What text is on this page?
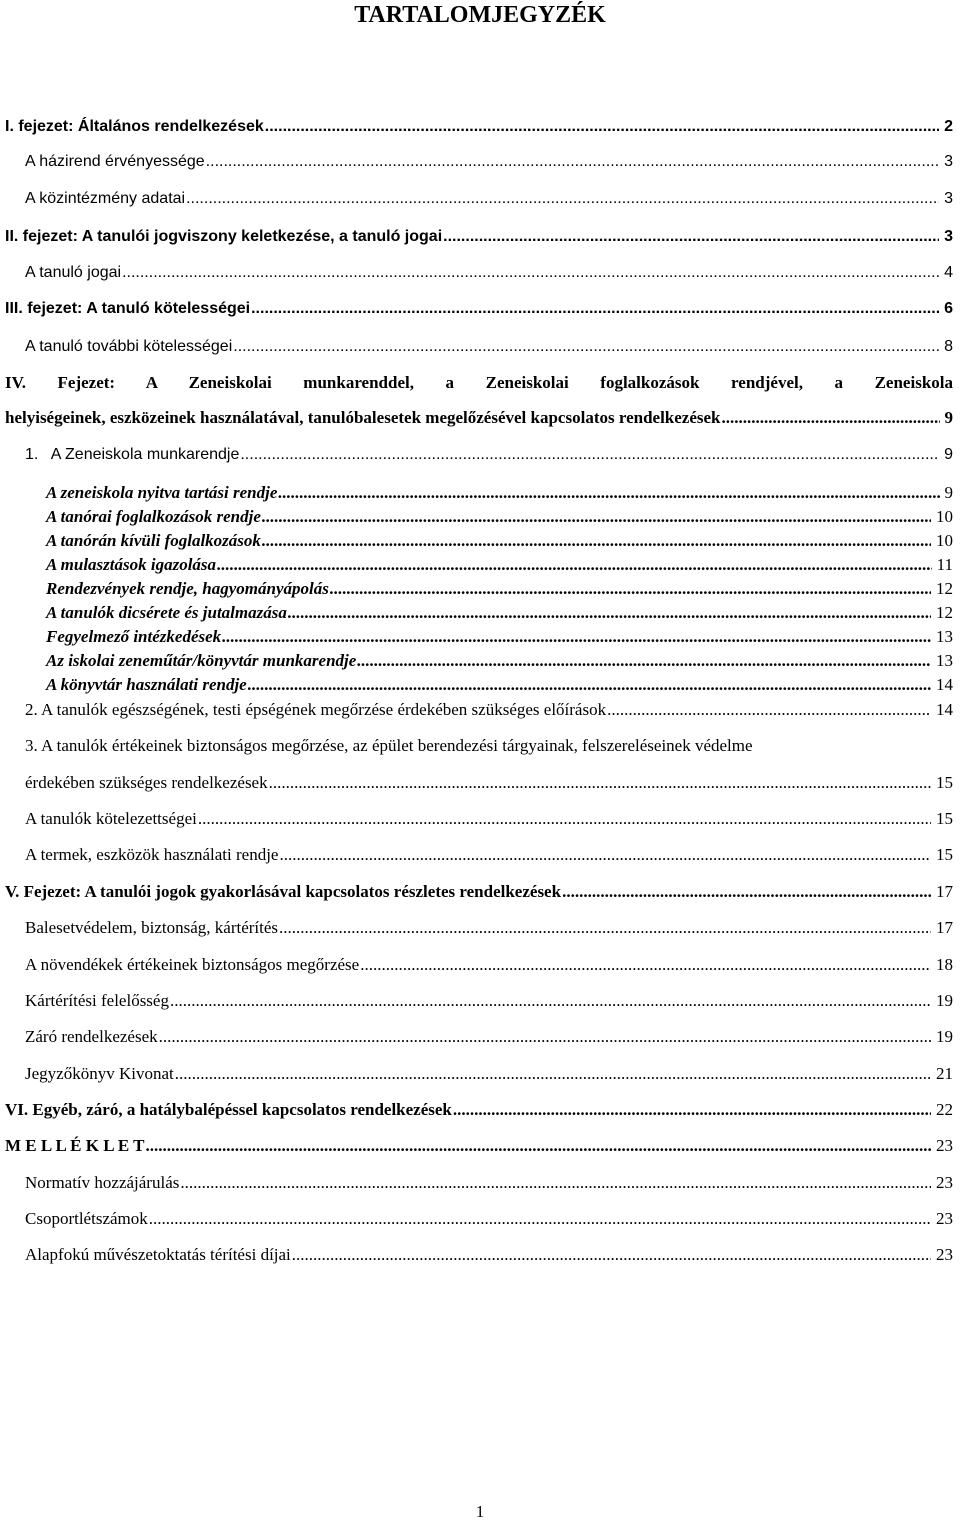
TARTALOMJEGYZÉK
I. fejezet: Általános rendelkezések .....	2
A házirend érvényessége .....	3
A közintézmény adatai .....	3
II. fejezet: A tanulói jogviszony keletkezése, a tanuló jogai .....	3
A tanuló jogai .....	4
III. fejezet: A tanuló kötelességei .....	6
A tanuló további kötelességei .....	8
IV. Fejezet: A Zeneiskolai munkarenddel, a Zeneiskolai foglalkozások rendjével, a Zeneiskola
helyiségeinek, eszközeinek használatával, tanulóbalesetek megelőzésével kapcsolatos rendelkezések .....	9
1.   A Zeneiskola munkarendje .....	9
A zeneiskola nyitva tartási rendje .....	9
A tanórai foglalkozások rendje .....	10
A tanórán kívüli foglalkozások .....	10
A mulasztások igazolása .....	11
Rendezvények rendje, hagyományápolás .....	12
A tanulók dicsérete és jutalmazása .....	12
Fegyelmező intézkedések .....	13
Az iskolai zeneműtár/könyvtár munkarendje .....	13
A könyvtár használati rendje .....	14
2. A tanulók egészségének, testi épségének megőrzése érdekében szükséges előírások .....	14
3. A tanulók értékeinek biztonságos megőrzése, az épület berendezési tárgyainak, felszereléseinek védelme
érdekében szükséges rendelkezések .....	15
A tanulók kötelezettségei .....	15
A termek, eszközök használati rendje .....	15
V. Fejezet: A tanulói jogok gyakorlásával kapcsolatos részletes rendelkezések .....	17
Balesetvédelem, biztonság, kártérítés .....	17
A növendékek értékeinek biztonságos megőrzése .....	18
Kártérítési felelősség .....	19
Záró rendelkezések .....	19
Jegyzőkönyv Kivonat .....	21
VI. Egyéb, záró, a hatálybalépéssel kapcsolatos rendelkezések .....	22
M E L L É K L E T .....	23
Normatív hozzájárulás .....	23
Csoportlétszámok .....	23
Alapfokú művészetoktatás térítési díjai .....	23
1
